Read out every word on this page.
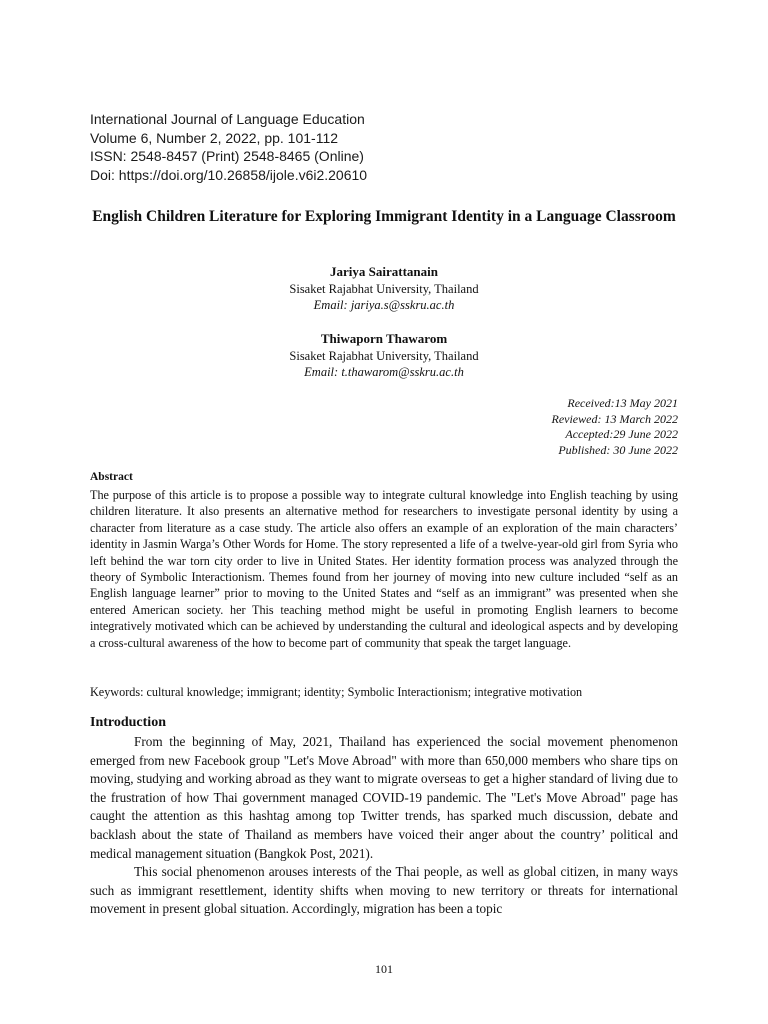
International Journal of Language Education
Volume 6, Number 2, 2022, pp. 101-112
ISSN: 2548-8457 (Print) 2548-8465 (Online)
Doi: https://doi.org/10.26858/ijole.v6i2.20610
English Children Literature for Exploring Immigrant Identity in a Language Classroom
Jariya Sairattanain
Sisaket Rajabhat University, Thailand
Email: jariya.s@sskru.ac.th
Thiwaporn Thawarom
Sisaket Rajabhat University, Thailand
Email: t.thawarom@sskru.ac.th
Received:13 May 2021
Reviewed: 13 March 2022
Accepted:29 June 2022
Published: 30 June 2022
Abstract
The purpose of this article is to propose a possible way to integrate cultural knowledge into English teaching by using children literature. It also presents an alternative method for researchers to investigate personal identity by using a character from literature as a case study. The article also offers an example of an exploration of the main characters’ identity in Jasmin Warga’s Other Words for Home. The story represented a life of a twelve-year-old girl from Syria who left behind the war torn city order to live in United States. Her identity formation process was analyzed through the theory of Symbolic Interactionism. Themes found from her journey of moving into new culture included “self as an English language learner” prior to moving to the United States and “self as an immigrant” was presented when she entered American society. her This teaching method might be useful in promoting English learners to become integratively motivated which can be achieved by understanding the cultural and ideological aspects and by developing a cross-cultural awareness of the how to become part of community that speak the target language.
Keywords: cultural knowledge; immigrant; identity; Symbolic Interactionism; integrative motivation
Introduction

From the beginning of May, 2021, Thailand has experienced the social movement phenomenon emerged from new Facebook group "Let's Move Abroad" with more than 650,000 members who share tips on moving, studying and working abroad as they want to migrate overseas to get a higher standard of living due to the frustration of how Thai government managed COVID-19 pandemic. The "Let's Move Abroad" page has caught the attention as this hashtag among top Twitter trends, has sparked much discussion, debate and backlash about the state of Thailand as members have voiced their anger about the country’ political and medical management situation (Bangkok Post, 2021).

This social phenomenon arouses interests of the Thai people, as well as global citizen, in many ways such as immigrant resettlement, identity shifts when moving to new territory or threats for international movement in present global situation. Accordingly, migration has been a topic

101
